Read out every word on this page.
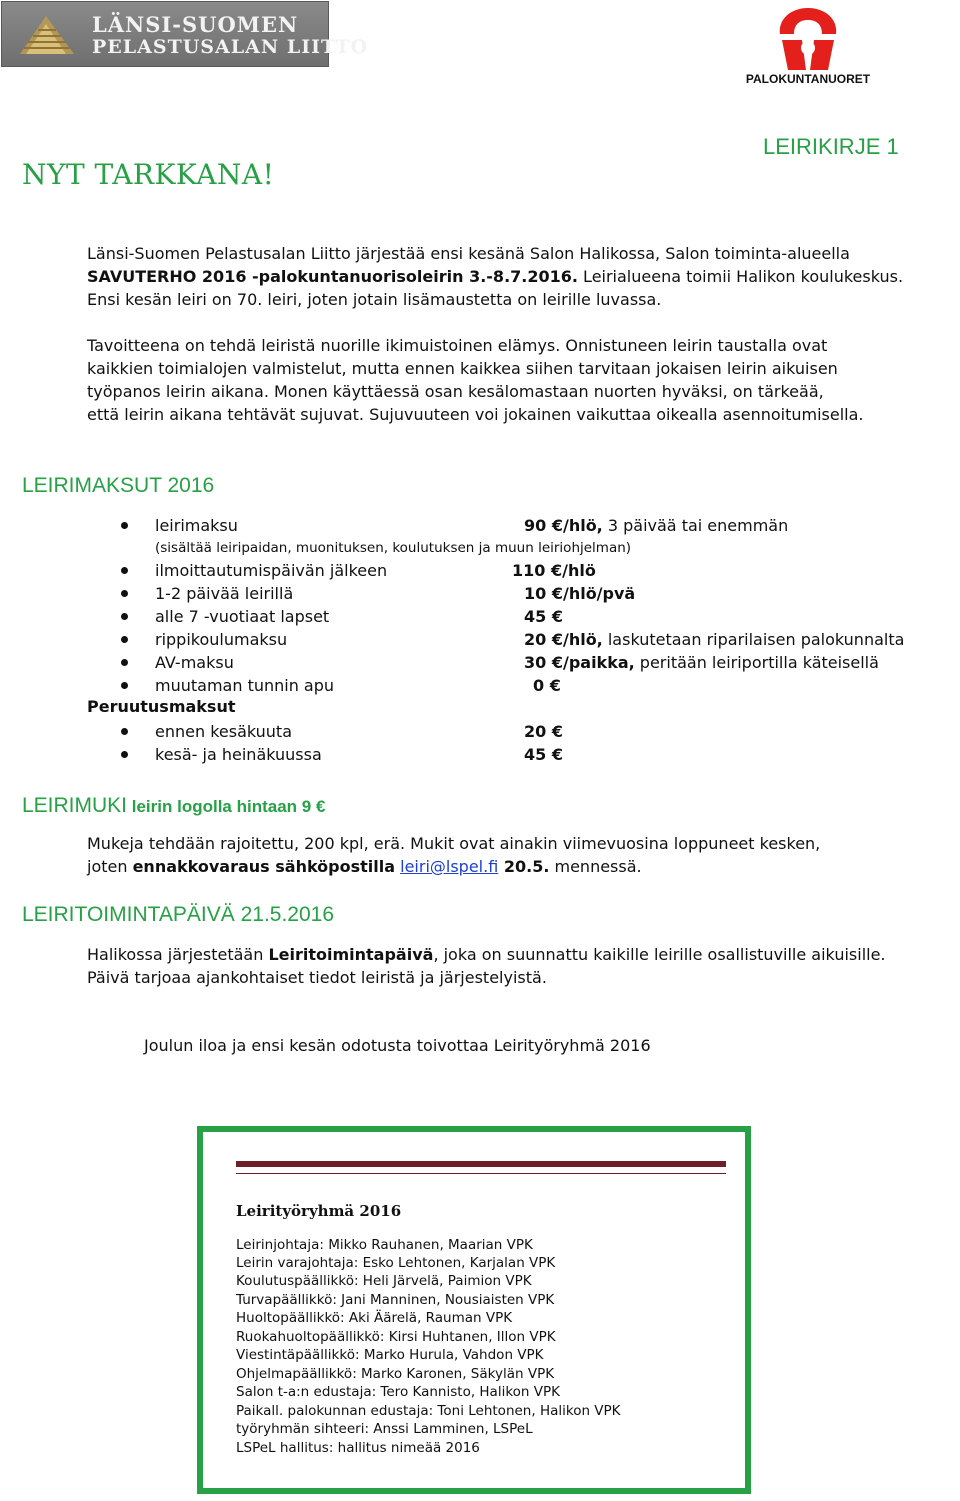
LÄNSI-SUOMEN
PELASTUSALAN LIITTO
PALOKUNTANUORET
NYT TARKKANA!
LEIRIKIRJE 1
Länsi-Suomen Pelastusalan Liitto järjestää ensi kesänä Salon Halikossa, Salon toiminta-alueella
SAVUTERHO 2016 -palokuntanuorisoleirin 3.-8.7.2016. Leirialueena toimii Halikon koulukeskus.
Ensi kesän leiri on 70. leiri, joten jotain lisämaustetta on leirille luvassa.
Tavoitteena on tehdä leiristä nuorille ikimuistoinen elämys. Onnistuneen leirin taustalla ovat
kaikkien toimialojen valmistelut, mutta ennen kaikkea siihen tarvitaan jokaisen leirin aikuisen
työpanos leirin aikana. Monen käyttäessä osan kesälomastaan nuorten hyväksi, on tärkeää,
että leirin aikana tehtävät sujuvat. Sujuvuuteen voi jokainen vaikuttaa oikealla asennoitumisella.
LEIRIMAKSUT 2016
leirimaksu	90 €/hlö, 3 päivää tai enemmän
(sisältää leiripaidan, muonituksen, koulutuksen ja muun leiriohjelman)
ilmoittautumispäivän jälkeen	110 €/hlö
1-2 päivää leirillä	10 €/hlö/pvä
alle 7 -vuotiaat lapset	45 €
rippikoulumaksu	20 €/hlö, laskutetaan riparilaisen palokunnalta
AV-maksu	30 €/paikka, peritään leiriportilla käteisellä
muutaman tunnin apu	0 €
Peruutusmaksut
ennen kesäkuuta	20 €
kesä- ja heinäkuussa	45 €
LEIRIMUKI leirin logolla hintaan 9 €
Mukeja tehdään rajoitettu, 200 kpl, erä. Mukit ovat ainakin viimevuosina loppuneet kesken,
joten ennakkovaraus sähköpostilla leiri@lspel.fi 20.5. mennessä.
LEIRITOIMINTAPÄIVÄ 21.5.2016
Halikossa järjestetään Leiritoimintapäivä, joka on suunnattu kaikille leirille osallistuville aikuisille.
Päivä tarjoaa ajankohtaiset tiedot leiristä ja järjestelyistä.
Joulun iloa ja ensi kesän odotusta toivottaa Leirityöryhmä 2016
Leirityöryhmä 2016
Leirinjohtaja: Mikko Rauhanen, Maarian VPK
Leirin varajohtaja: Esko Lehtonen, Karjalan VPK
Koulutuspäällikkö: Heli Järvelä, Paimion VPK
Turvapäällikkö: Jani Manninen, Nousiaisten VPK
Huoltopäällikkö: Aki Äärelä, Rauman VPK
Ruokahuoltopäällikkö: Kirsi Huhtanen, Illon VPK
Viestintäpäällikkö: Marko Hurula, Vahdon VPK
Ohjelmapäällikkö: Marko Karonen, Säkylän VPK
Salon t-a:n edustaja: Tero Kannisto, Halikon VPK
Paikall. palokunnan edustaja: Toni Lehtonen, Halikon VPK
työryhmän sihteeri: Anssi Lamminen, LSPeL
LSPeL hallitus: hallitus nimeää 2016
